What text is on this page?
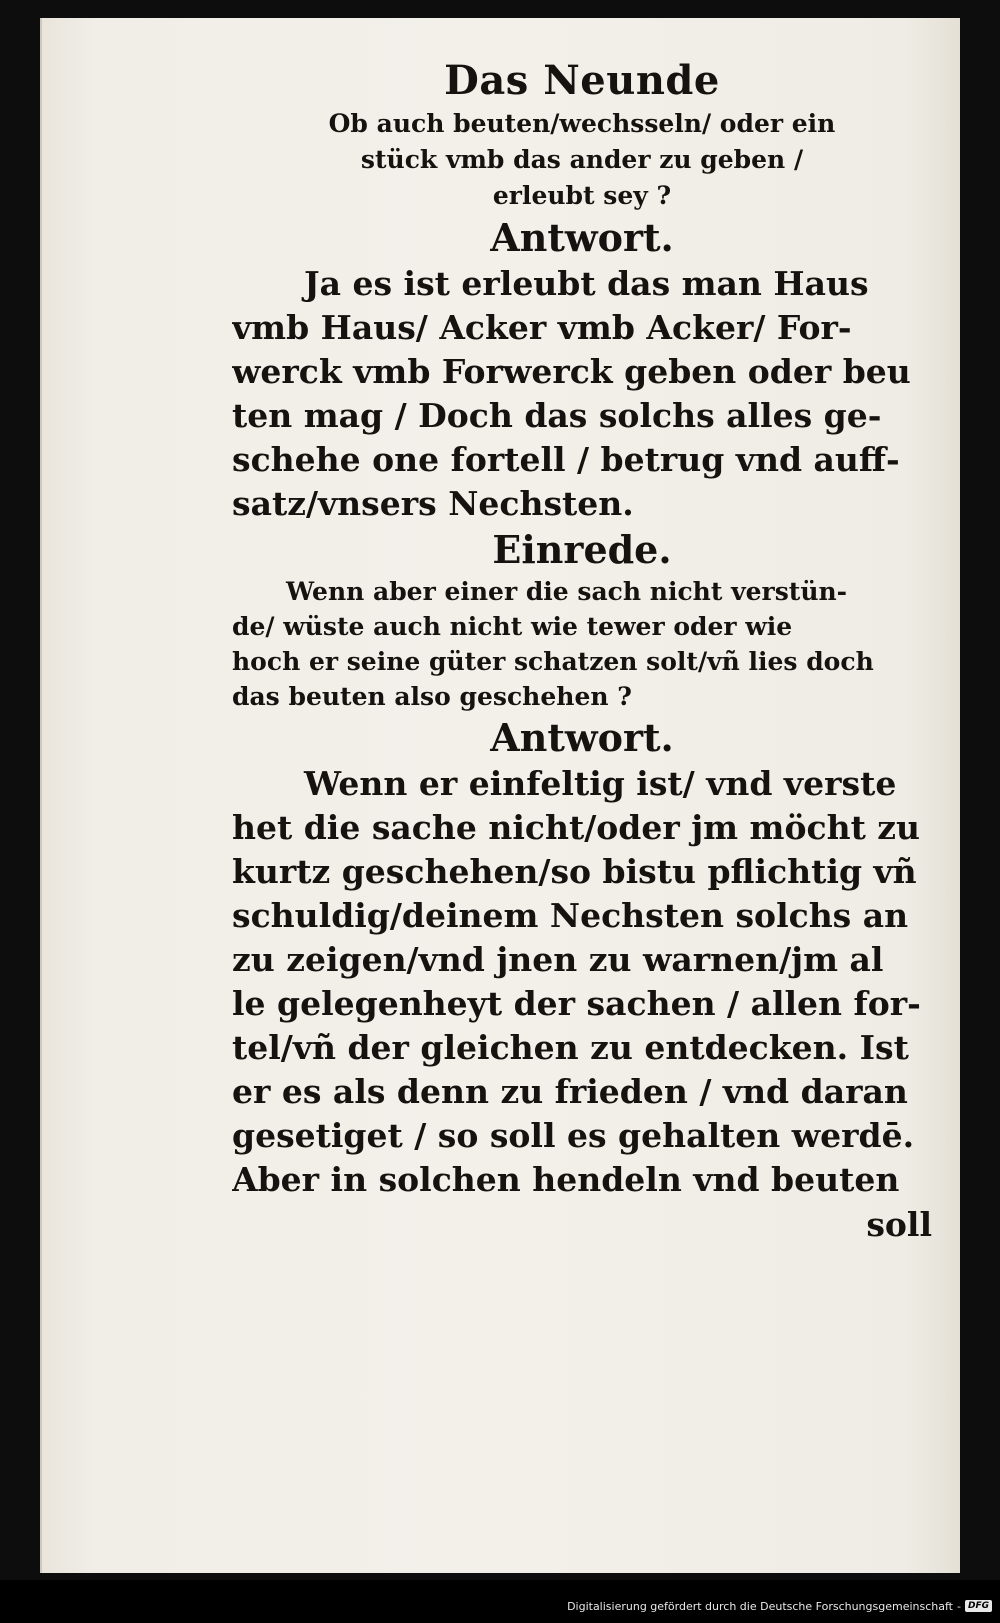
Das Neunde
Ob auch beuten/wechsseln/ oder ein
stück vmb das ander zu geben /
erleubt sey ?
Antwort.
Ja es ist erleubt das man Haus
vmb Haus/ Acker vmb Acker/ For-
werck vmb Forwerck geben oder beu
ten mag / Doch das solchs alles ge-
schehe one fortell / betrug vnd auff-
satz/vnsers Nechsten.
Einrede.
Wenn aber einer die sach nicht verstün-
de/ wüste auch nicht wie tewer oder wie
hoch er seine güter schatzen solt/vñ lies doch
das beuten also geschehen ?
Antwort.
Wenn er einfeltig ist/ vnd verste
het die sache nicht/oder jm möcht zu
kurtz geschehen/so bistu pflichtig vñ
schuldig/deinem Nechsten solchs an
zu zeigen/vnd jnen zu warnen/jm al
le gelegenheyt der sachen / allen for-
tel/vñ der gleichen zu entdecken. Ist
er es als denn zu frieden / vnd daran
gesetiget / so soll es gehalten werdē.
Aber in solchen hendeln vnd beuten
soll
Digitalisierung gefördert durch die Deutsche Forschungsgemeinschaft - DFG
